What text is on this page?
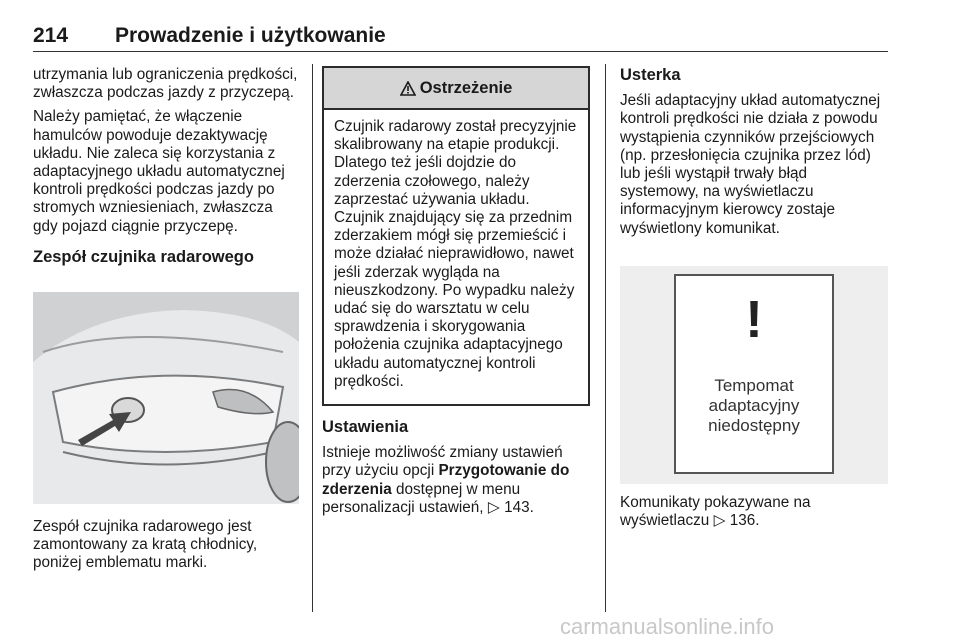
214 Prowadzenie i użytkowanie

utrzymania lub ograniczenia prędkości, zwłaszcza podczas jazdy z przyczepą.

Należy pamiętać, że włączenie hamulców powoduje dezaktywację układu. Nie zaleca się korzystania z adaptacyjnego układu automatycznej kontroli prędkości podczas jazdy po stromych wzniesieniach, zwłaszcza gdy pojazd ciągnie przyczepę.

Zespół czujnika radarowego

Zespół czujnika radarowego jest zamontowany za kratą chłodnicy, poniżej emblematu marki.

Ostrzeżenie
Czujnik radarowy został precyzyjnie skalibrowany na etapie produkcji. Dlatego też jeśli dojdzie do zderzenia czołowego, należy zaprzestać używania układu. Czujnik znajdujący się za przednim zderzakiem mógł się przemieścić i może działać nieprawidłowo, nawet jeśli zderzak wygląda na nieuszkodzony. Po wypadku należy udać się do warsztatu w celu sprawdzenia i skorygowania położenia czujnika adaptacyjnego układu automatycznej kontroli prędkości.
Ustawienia

Istnieje możliwość zmiany ustawień przy użyciu opcji Przygotowanie do zderzenia dostępnej w menu personalizacji ustawień, ▷ 143.

Usterka

Jeśli adaptacyjny układ automatycznej kontroli prędkości nie działa z powodu wystąpienia czynników przejściowych (np. przesłonięcia czujnika przez lód) lub jeśli wystąpił trwały błąd systemowy, na wyświetlaczu informacyjnym kierowcy zostaje wyświetlony komunikat.

!
Tempomat
adaptacyjny
niedostępny

Komunikaty pokazywane na wyświetlaczu ▷ 136.

carmanualsonline.info
